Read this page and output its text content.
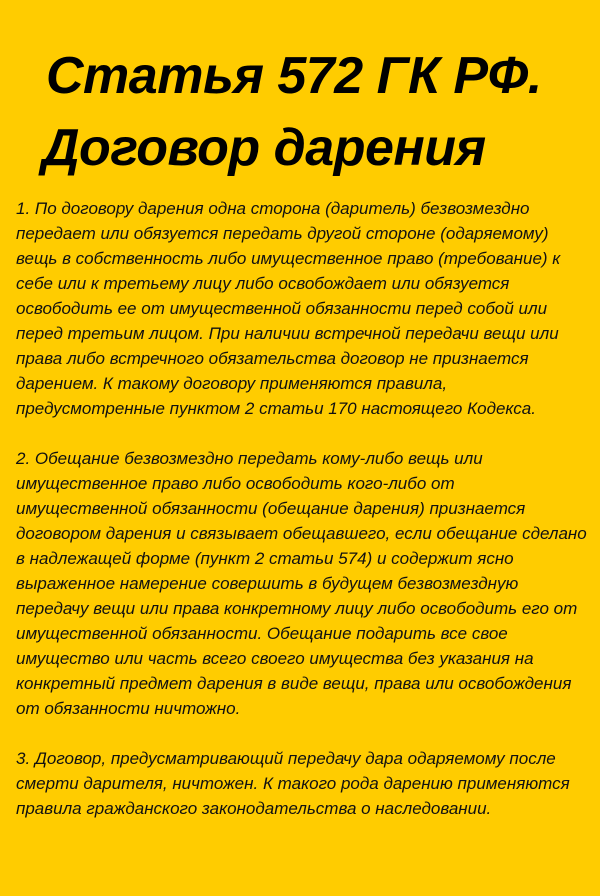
Статья 572 ГК РФ.
Договор дарения

1. По договору дарения одна сторона (даритель) безвозмездно передает или обязуется передать другой стороне (одаряемому) вещь в собственность либо имущественное право (требование) к себе или к третьему лицу либо освобождает или обязуется освободить ее от имущественной обязанности перед собой или перед третьим лицом. При наличии встречной передачи вещи или права либо встречного обязательства договор не признается дарением. К такому договору применяются правила, предусмотренные пунктом 2 статьи 170 настоящего Кодекса.

2. Обещание безвозмездно передать кому-либо вещь или имущественное право либо освободить кого-либо от имущественной обязанности (обещание дарения) признается договором дарения и связывает обещавшего, если обещание сделано в надлежащей форме (пункт 2 статьи 574) и содержит ясно выраженное намерение совершить в будущем безвозмездную передачу вещи или права конкретному лицу либо освободить его от имущественной обязанности. Обещание подарить все свое имущество или часть всего своего имущества без указания на конкретный предмет дарения в виде вещи, права или освобождения от обязанности ничтожно.

3. Договор, предусматривающий передачу дара одаряемому после смерти дарителя, ничтожен. К такого рода дарению применяются правила гражданского законодательства о наследовании.
